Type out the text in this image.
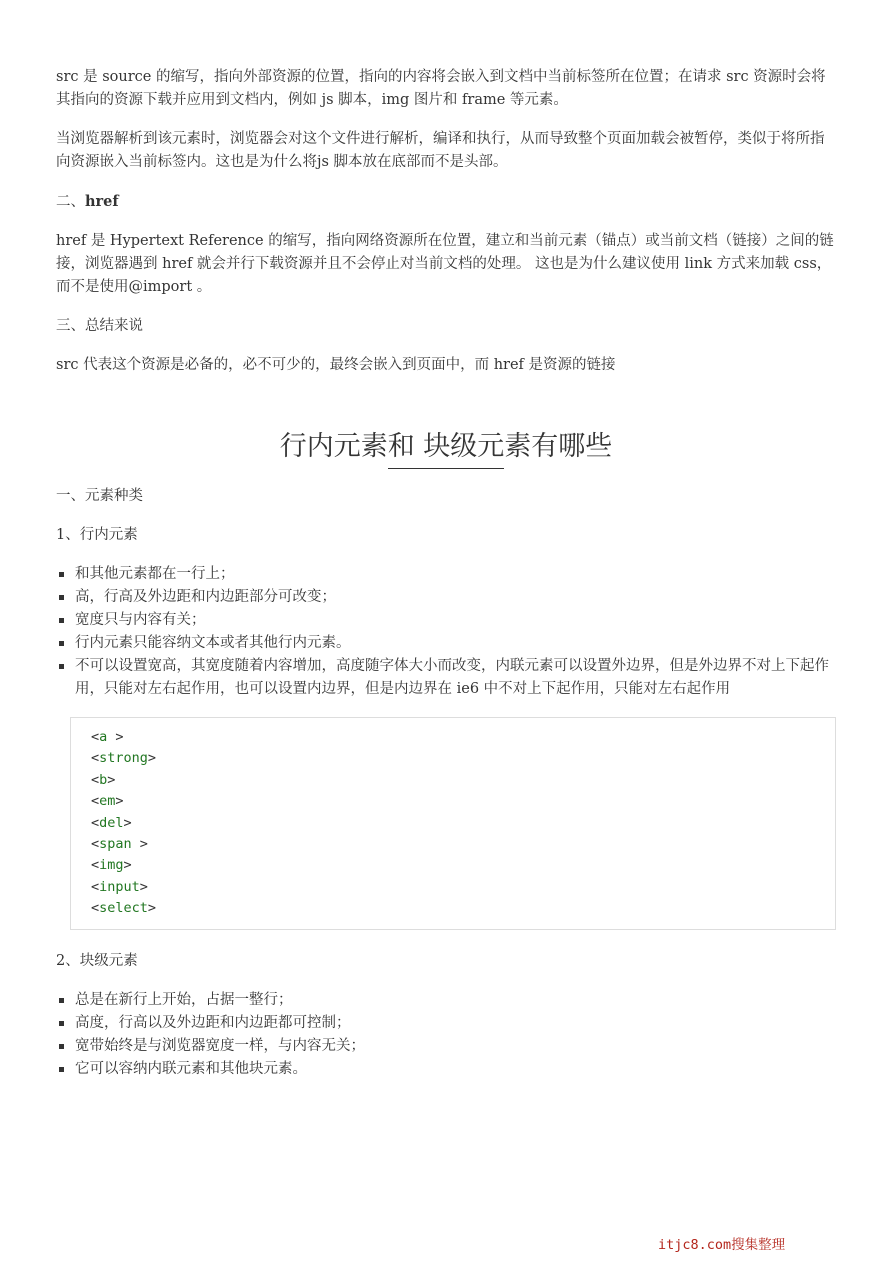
src 是 source 的缩写，指向外部资源的位置，指向的内容将会嵌入到文档中当前标签所在位置；在请求 src 资源时会将其指向的资源下载并应用到文档内，例如 js 脚本，img 图片和 frame 等元素。

当浏览器解析到该元素时，浏览器会对这个文件进行解析，编译和执行，从而导致整个页面加载会被暂停，类似于将所指向资源嵌入当前标签内。这也是为什么将js 脚本放在底部而不是头部。

二、href

href 是 Hypertext Reference 的缩写，指向网络资源所在位置，建立和当前元素（锚点）或当前文档（链接）之间的链接，浏览器遇到 href 就会并行下载资源并且不会停止对当前文档的处理。 这也是为什么建议使用 link 方式来加载 css，而不是使用@import 。

三、总结来说

src 代表这个资源是必备的，必不可少的，最终会嵌入到页面中，而 href 是资源的链接

行内元素和 块级元素有哪些

一、元素种类

1、行内元素

和其他元素都在一行上；
高，行高及外边距和内边距部分可改变；
宽度只与内容有关；
行内元素只能容纳文本或者其他行内元素。
不可以设置宽高，其宽度随着内容增加，高度随字体大小而改变，内联元素可以设置外边界，但是外边界不对上下起作用，只能对左右起作用，也可以设置内边界，但是内边界在 ie6 中不对上下起作用，只能对左右起作用
<a >
<strong>
<b>
<em>
<del>
<span >
<img>
<input>
<select>

2、块级元素

总是在新行上开始，占据一整行；
高度，行高以及外边距和内边距都可控制；
宽带始终是与浏览器宽度一样，与内容无关；
它可以容纳内联元素和其他块元素。
itjc8.com搜集整理
